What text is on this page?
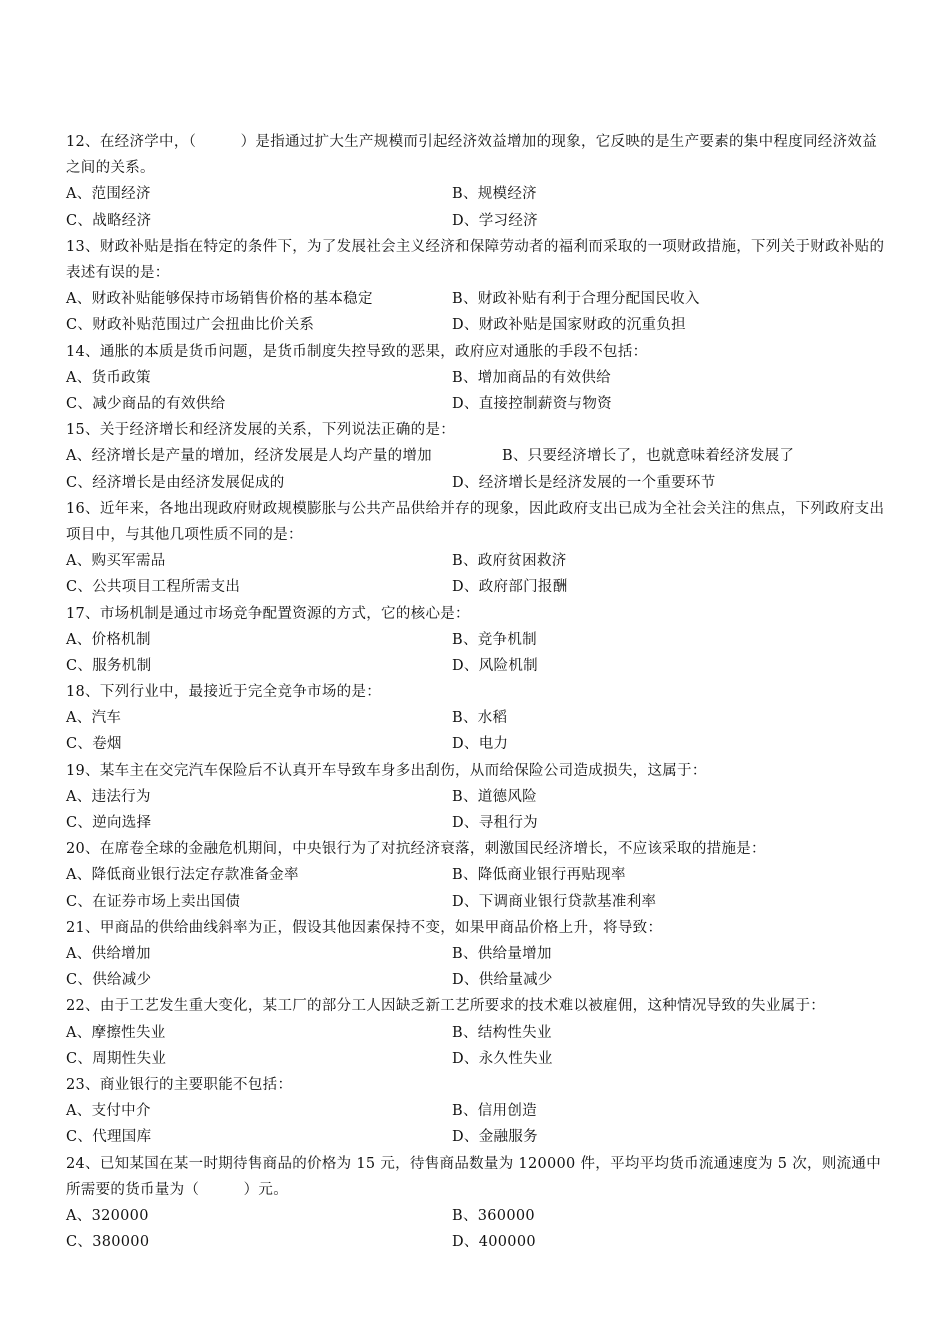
12、在经济学中，（　　　）是指通过扩大生产规模而引起经济效益增加的现象，它反映的是生产要素的集中程度同经济效益之间的关系。
A、范围经济	B、规模经济
C、战略经济	D、学习经济
13、财政补贴是指在特定的条件下，为了发展社会主义经济和保障劳动者的福利而采取的一项财政措施，下列关于财政补贴的表述有误的是：
A、财政补贴能够保持市场销售价格的基本稳定	B、财政补贴有利于合理分配国民收入
C、财政补贴范围过广会扭曲比价关系	D、财政补贴是国家财政的沉重负担
14、通胀的本质是货币问题，是货币制度失控导致的恶果，政府应对通胀的手段不包括：
A、货币政策	B、增加商品的有效供给
C、减少商品的有效供给	D、直接控制薪资与物资
15、关于经济增长和经济发展的关系，下列说法正确的是：
A、经济增长是产量的增加，经济发展是人均产量的增加	B、只要经济增长了，也就意味着经济发展了
C、经济增长是由经济发展促成的	D、经济增长是经济发展的一个重要环节
16、近年来，各地出现政府财政规模膨胀与公共产品供给并存的现象，因此政府支出已成为全社会关注的焦点，下列政府支出项目中，与其他几项性质不同的是：
A、购买军需品	B、政府贫困救济
C、公共项目工程所需支出	D、政府部门报酬
17、市场机制是通过市场竞争配置资源的方式，它的核心是：
A、价格机制	B、竞争机制
C、服务机制	D、风险机制
18、下列行业中，最接近于完全竞争市场的是：
A、汽车	B、水稻
C、卷烟	D、电力
19、某车主在交完汽车保险后不认真开车导致车身多出刮伤，从而给保险公司造成损失，这属于：
A、违法行为	B、道德风险
C、逆向选择	D、寻租行为
20、在席卷全球的金融危机期间，中央银行为了对抗经济衰落，刺激国民经济增长，不应该采取的措施是：
A、降低商业银行法定存款准备金率	B、降低商业银行再贴现率
C、在证券市场上卖出国债	D、下调商业银行贷款基准利率
21、甲商品的供给曲线斜率为正，假设其他因素保持不变，如果甲商品价格上升，将导致：
A、供给增加	B、供给量增加
C、供给减少	D、供给量减少
22、由于工艺发生重大变化，某工厂的部分工人因缺乏新工艺所要求的技术难以被雇佣，这种情况导致的失业属于：
A、摩擦性失业	B、结构性失业
C、周期性失业	D、永久性失业
23、商业银行的主要职能不包括：
A、支付中介	B、信用创造
C、代理国库	D、金融服务
24、已知某国在某一时期待售商品的价格为 15 元，待售商品数量为 120000 件，平均平均货币流通速度为 5 次，则流通中所需要的货币量为（　　　）元。
A、320000	B、360000
C、380000	D、400000
